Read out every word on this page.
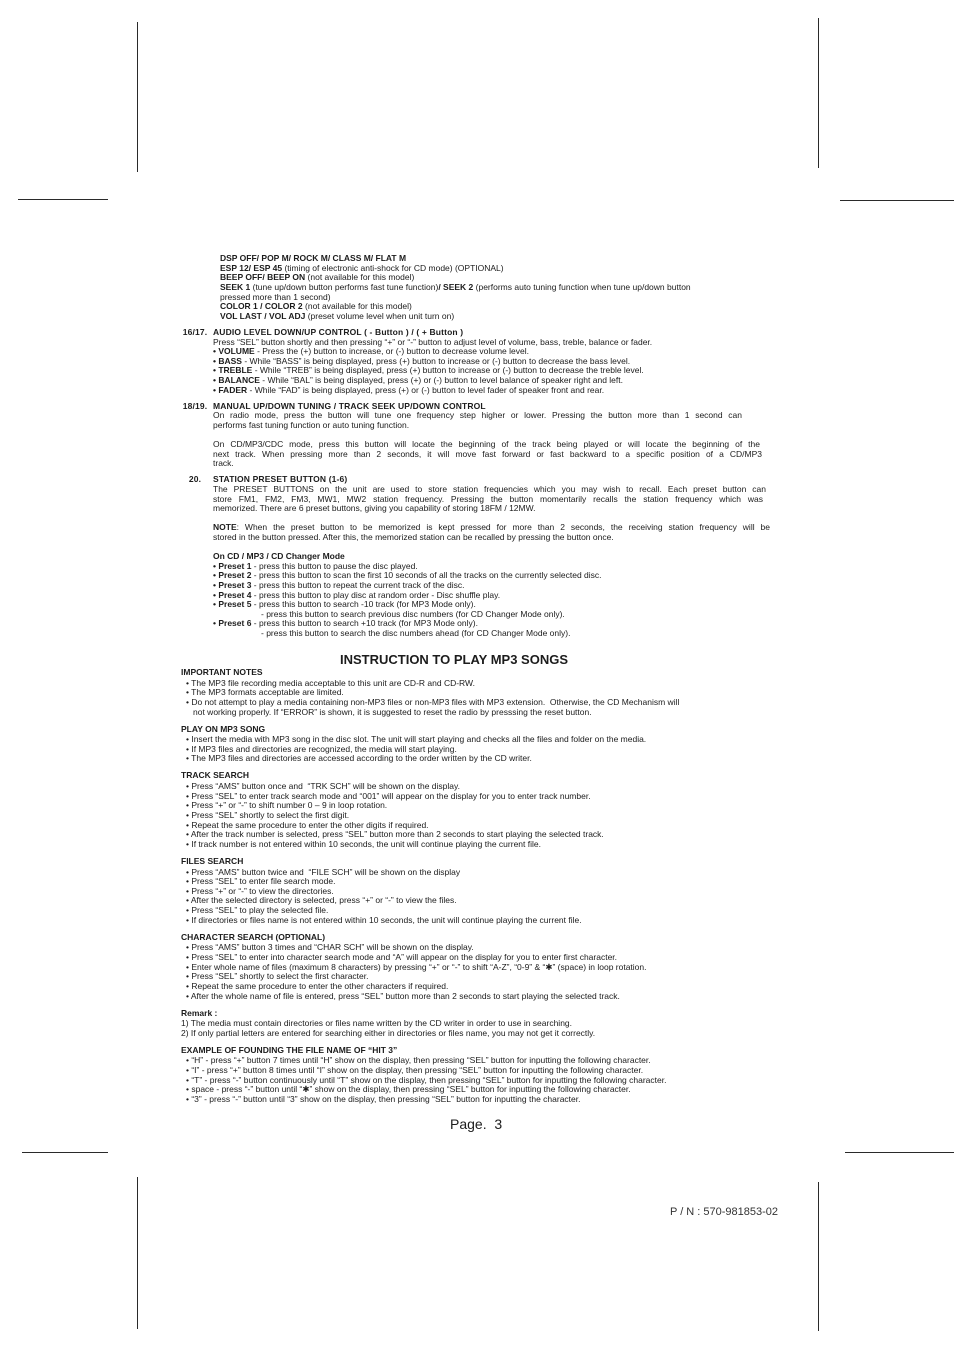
DSP OFF/ POP M/ ROCK M/ CLASS M/ FLAT M
ESP 12/ ESP 45 (timing of electronic anti-shock for CD mode) (OPTIONAL)
BEEP OFF/ BEEP ON (not available for this model)
SEEK 1 (tune up/down button performs fast tune function)/ SEEK 2 (performs auto tuning function when tune up/down button
pressed more than 1 second)
COLOR 1 / COLOR 2 (not available for this model)
VOL LAST / VOL ADJ (preset volume level when unit turn on)
16/17. AUDIO LEVEL DOWN/UP CONTROL ( - Button ) / ( + Button )
Press “SEL” button shortly and then pressing “+” or “-” button to adjust level of volume, bass, treble, balance or fader.
• VOLUME - Press the (+) button to increase, or (-) button to decrease volume level.
• BASS - While “BASS” is being displayed, press (+) button to increase or (-) button to decrease the bass level.
• TREBLE - While “TREB” is being displayed, press (+) button to increase or (-) button to decrease the treble level.
• BALANCE - While “BAL” is being displayed, press (+) or (-) button to level balance of speaker right and left.
• FADER - While “FAD” is being displayed, press (+) or (-) button to level fader of speaker front and rear.
18/19. MANUAL UP/DOWN TUNING / TRACK SEEK UP/DOWN CONTROL
On radio mode, press the button will tune one frequency step higher or lower. Pressing the button more than 1 second can
performs fast tuning function or auto tuning function.
On CD/MP3/CDC mode, press this button will locate the beginning of the track being played or will locate the beginning of the
next track. When pressing more than 2 seconds, it will move fast forward or fast backward to a specific position of a CD/MP3
track.
20.	STATION PRESET BUTTON (1-6)
The PRESET BUTTONS on the unit are used to store station frequencies which you may wish to recall. Each preset button can
store FM1, FM2, FM3, MW1, MW2 station frequency. Pressing the button momentarily recalls the station frequency which was
memorized. There are 6 preset buttons, giving you capability of storing 18FM / 12MW.
NOTE: When the preset button to be memorized is kept pressed for more than 2 seconds, the receiving station frequency will be
stored in the button pressed. After this, the memorized station can be recalled by pressing the button once.
On CD / MP3 / CD Changer Mode
• Preset 1 - press this button to pause the disc played.
• Preset 2 - press this button to scan the first 10 seconds of all the tracks on the currently selected disc.
• Preset 3 - press this button to repeat the current track of the disc.
• Preset 4 - press this button to play disc at random order - Disc shuffle play.
• Preset 5 - press this button to search -10 track (for MP3 Mode only).
- press this button to search previous disc numbers (for CD Changer Mode only).
• Preset 6 - press this button to search +10 track (for MP3 Mode only).
- press this button to search the disc numbers ahead (for CD Changer Mode only).
INSTRUCTION TO PLAY MP3 SONGS
IMPORTANT NOTES
• The MP3 file recording media acceptable to this unit are CD-R and CD-RW.
• The MP3 formats acceptable are limited.
• Do not attempt to play a media containing non-MP3 files or non-MP3 files with MP3 extension.  Otherwise, the CD Mechanism will
not working properly. If “ERROR” is shown, it is suggested to reset the radio by presssing the reset button.
PLAY ON MP3 SONG
• Insert the media with MP3 song in the disc slot. The unit will start playing and checks all the files and folder on the media.
• If MP3 files and directories are recognized, the media will start playing.
• The MP3 files and directories are accessed according to the order written by the CD writer.
TRACK SEARCH
• Press “AMS” button once and  “TRK SCH” will be shown on the display.
• Press “SEL” to enter track search mode and “001” will appear on the display for you to enter track number.
• Press “+” or “-” to shift number 0 – 9 in loop rotation.
• Press “SEL” shortly to select the first digit.
• Repeat the same procedure to enter the other digits if required.
• After the track number is selected, press “SEL” button more than 2 seconds to start playing the selected track.
• If track number is not entered within 10 seconds, the unit will continue playing the current file.
FILES SEARCH
• Press “AMS” button twice and  “FILE SCH” will be shown on the display
• Press “SEL” to enter file search mode.
• Press “+” or “-” to view the directories.
• After the selected directory is selected, press “+” or “-” to view the files.
• Press “SEL” to play the selected file.
• If directories or files name is not entered within 10 seconds, the unit will continue playing the current file.
CHARACTER SEARCH (OPTIONAL)
• Press “AMS” button 3 times and “CHAR SCH” will be shown on the display.
• Press “SEL” to enter into character search mode and “A” will appear on the display for you to enter first character.
• Enter whole name of files (maximum 8 characters) by pressing “+” or “-” to shift “A-Z”, “0-9” & “✱” (space) in loop rotation.
• Press “SEL” shortly to select the first character.
• Repeat the same procedure to enter the other characters if required.
• After the whole name of file is entered, press “SEL” button more than 2 seconds to start playing the selected track.
Remark :
1) The media must contain directories or files name written by the CD writer in order to use in searching.
2) If only partial letters are entered for searching either in directories or files name, you may not get it correctly.
EXAMPLE OF FOUNDING THE FILE NAME OF “HIT 3”
• “H” - press “+” button 7 times until “H” show on the display, then pressing “SEL” button for inputting the following character.
• “I” - press “+” button 8 times until “I” show on the display, then pressing “SEL” button for inputting the following character.
• “T” - press “-” button continuously until “T” show on the display, then pressing “SEL” button for inputting the following character.
• space - press “-” button until “✱” show on the display, then pressing “SEL” button for inputting the following character.
• “3” - press “-” button until “3” show on the display, then pressing “SEL” button for inputting the character.
Page.  3
P / N : 570-981853-02
